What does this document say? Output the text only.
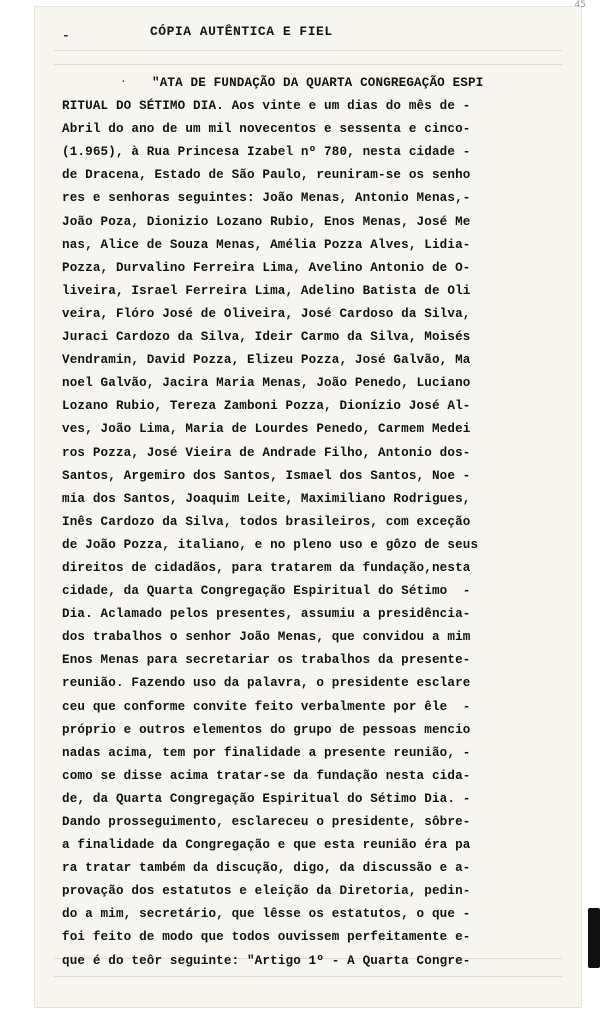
45
-	CÓPIA AUTÊNTICA E FIEL
.	"ATA DE FUNDAÇÃO DA QUARTA CONGREGAÇÃO ESPI
RITUAL DO SÉTIMO DIA. Aos vinte e um dias do mês de -
Abril do ano de um mil novecentos e sessenta e cinco-
(1.965), à Rua Princesa Izabel nº 780, nesta cidade -
de Dracena, Estado de São Paulo, reuniram-se os senho
res e senhoras seguintes: João Menas, Antonio Menas,-
João Poza, Dionizio Lozano Rubio, Enos Menas, José Me
nas, Alice de Souza Menas, Amélia Pozza Alves, Lidia-
Pozza, Durvalino Ferreira Lima, Avelino Antonio de O-
liveira, Israel Ferreira Lima, Adelino Batista de Oli
veira, Flóro José de Oliveira, José Cardoso da Silva,
Juraci Cardozo da Silva, Ideir Carmo da Silva, Moisés
Vendramin, David Pozza, Elizeu Pozza, José Galvão, Ma
noel Galvão, Jacira Maria Menas, João Penedo, Luciano
Lozano Rubio, Tereza Zamboni Pozza, Dionízio José Al-
ves, João Lima, Maria de Lourdes Penedo, Carmem Medei
ros Pozza, José Vieira de Andrade Filho, Antonio dos-
Santos, Argemiro dos Santos, Ismael dos Santos, Noe -
mia dos Santos, Joaquim Leite, Maximiliano Rodrigues,
Inês Cardozo da Silva, todos brasileiros, com exceção
de João Pozza, italiano, e no pleno uso e gôzo de seus
direitos de cidadãos, para tratarem da fundação,nesta
cidade, da Quarta Congregação Espiritual do Sétimo  -
Dia. Aclamado pelos presentes, assumiu a presidência-
dos trabalhos o senhor João Menas, que convidou a mim
Enos Menas para secretariar os trabalhos da presente-
reunião. Fazendo uso da palavra, o presidente esclare
ceu que conforme convite feito verbalmente por êle  -
próprio e outros elementos do grupo de pessoas mencio
nadas acima, tem por finalidade a presente reunião, -
como se disse acima tratar-se da fundação nesta cida-
de, da Quarta Congregação Espiritual do Sétimo Dia. -
Dando prosseguimento, esclareceu o presidente, sôbre-
a finalidade da Congregação e que esta reunião éra pa
ra tratar também da discução, digo, da discussão e a-
provação dos estatutos e eleição da Diretoria, pedin-
do a mim, secretário, que lêsse os estatutos, o que -
foi feito de modo que todos ouvissem perfeitamente e-
que é do teôr seguinte: "Artigo 1º - A Quarta Congre-
